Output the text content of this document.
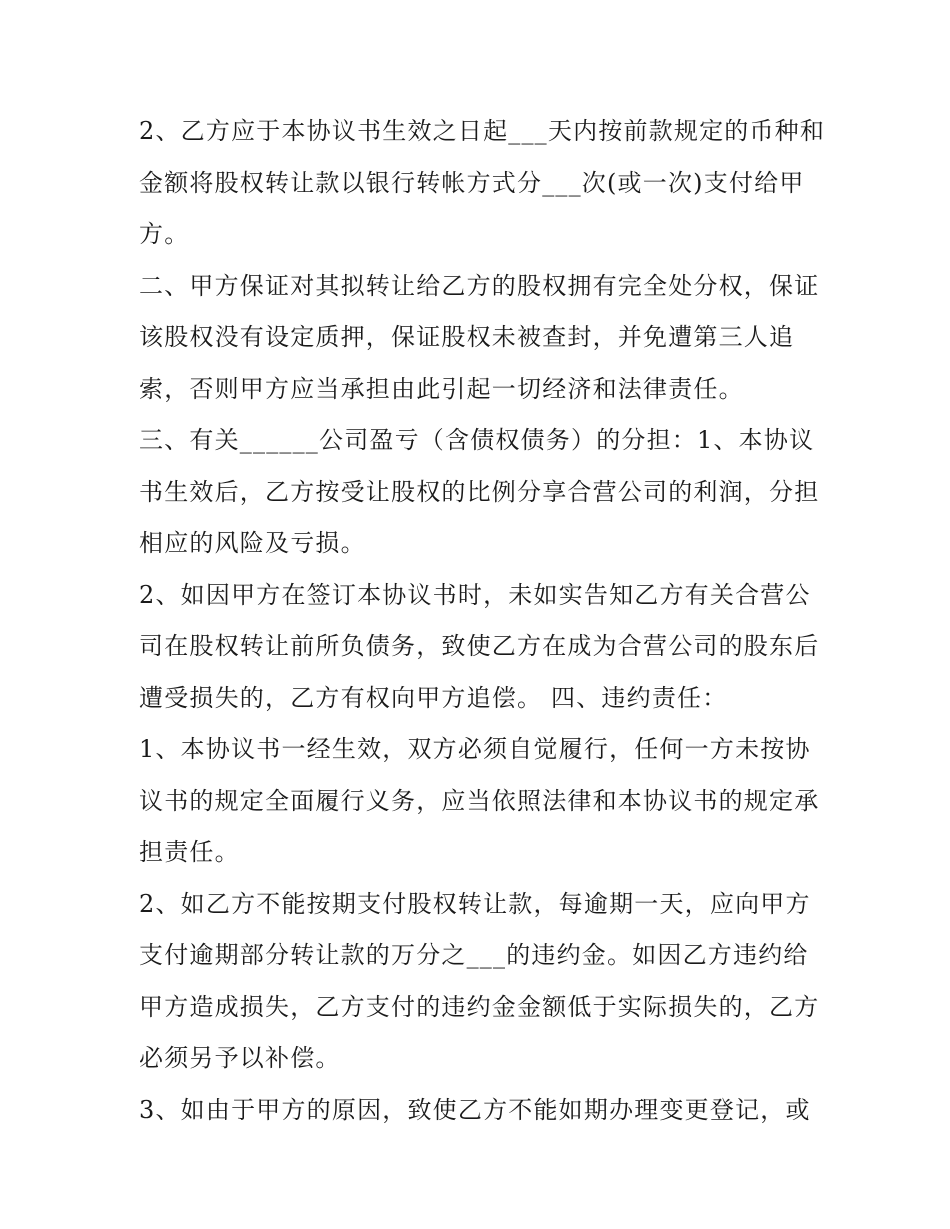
2、乙方应于本协议书生效之日起___天内按前款规定的币种和
金额将股权转让款以银行转帐方式分___次(或一次)支付给甲
方。
二、甲方保证对其拟转让给乙方的股权拥有完全处分权，保证
该股权没有设定质押，保证股权未被查封，并免遭第三人追
索，否则甲方应当承担由此引起一切经济和法律责任。
三、有关______公司盈亏（含债权债务）的分担：1、本协议
书生效后，乙方按受让股权的比例分享合营公司的利润，分担
相应的风险及亏损。
2、如因甲方在签订本协议书时，未如实告知乙方有关合营公
司在股权转让前所负债务，致使乙方在成为合营公司的股东后
遭受损失的，乙方有权向甲方追偿。 四、违约责任：
1、本协议书一经生效，双方必须自觉履行，任何一方未按协
议书的规定全面履行义务，应当依照法律和本协议书的规定承
担责任。
2、如乙方不能按期支付股权转让款，每逾期一天，应向甲方
支付逾期部分转让款的万分之___的违约金。如因乙方违约给
甲方造成损失，乙方支付的违约金金额低于实际损失的，乙方
必须另予以补偿。
3、如由于甲方的原因，致使乙方不能如期办理变更登记，或
